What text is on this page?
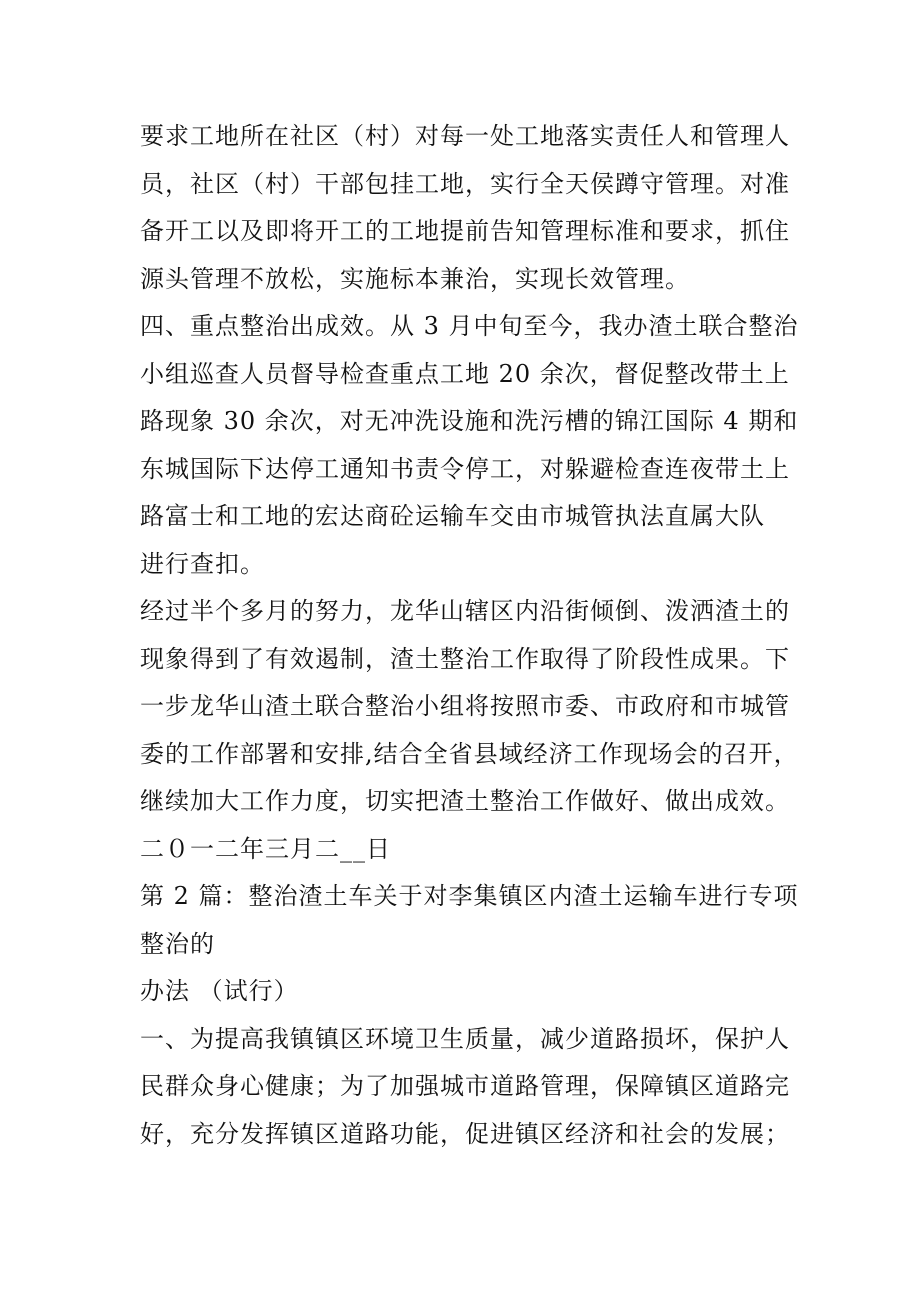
要求工地所在社区（村）对每一处工地落实责任人和管理人
员，社区（村）干部包挂工地，实行全天侯蹲守管理。对准
备开工以及即将开工的工地提前告知管理标准和要求，抓住
源头管理不放松，实施标本兼治，实现长效管理。
四、重点整治出成效。从 3 月中旬至今，我办渣土联合整治
小组巡查人员督导检查重点工地 20 余次，督促整改带土上
路现象 30 余次，对无冲洗设施和洗污槽的锦江国际 4 期和
东城国际下达停工通知书责令停工，对躲避检查连夜带土上
路富士和工地的宏达商砼运输车交由市城管执法直属大队
进行查扣。
经过半个多月的努力，龙华山辖区内沿街倾倒、泼洒渣土的
现象得到了有效遏制，渣土整治工作取得了阶段性成果。下
一步龙华山渣土联合整治小组将按照市委、市政府和市城管
委的工作部署和安排,结合全省县域经济工作现场会的召开，
继续加大工作力度，切实把渣土整治工作做好、做出成效。
二０一二年三月二__日
第 2 篇：整治渣土车关于对李集镇区内渣土运输车进行专项
整治的
办法 （试行）
一、为提高我镇镇区环境卫生质量，减少道路损坏，保护人
民群众身心健康；为了加强城市道路管理，保障镇区道路完
好，充分发挥镇区道路功能，促进镇区经济和社会的发展；
